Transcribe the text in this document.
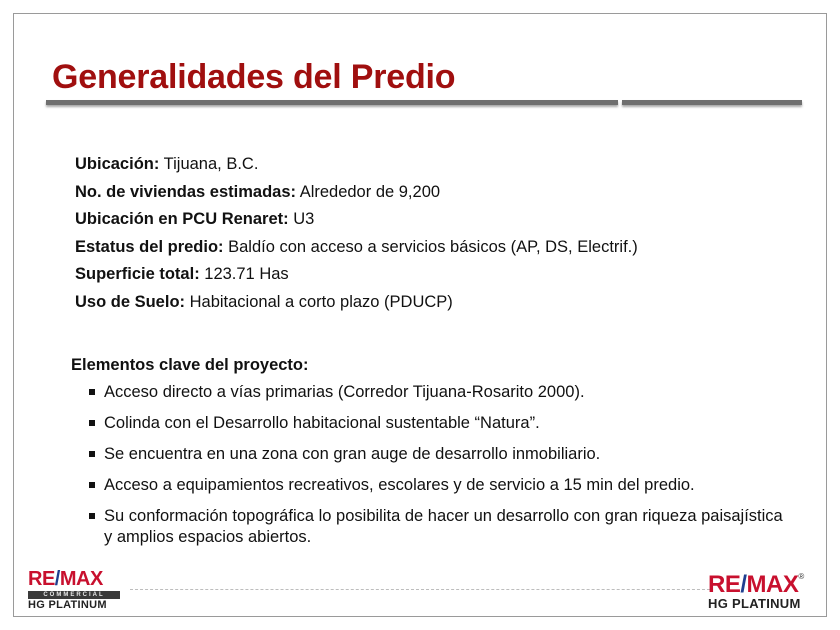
Generalidades del Predio
Ubicación: Tijuana, B.C.
No. de viviendas estimadas: Alrededor de 9,200
Ubicación en PCU Renaret: U3
Estatus del predio: Baldío con acceso a servicios básicos (AP, DS, Electrif.)
Superficie total: 123.71 Has
Uso de Suelo: Habitacional a corto plazo (PDUCP)
Elementos clave del proyecto:
Acceso directo a vías primarias (Corredor Tijuana-Rosarito 2000).
Colinda con el Desarrollo habitacional sustentable “Natura”.
Se encuentra en una zona con gran auge de desarrollo inmobiliario.
Acceso a equipamientos recreativos, escolares y de servicio a 15 min del predio.
Su conformación topográfica lo posibilita de hacer un desarrollo con gran riqueza paisajística y amplios espacios abiertos.
RE/MAX
COMMERCIAL
HG PLATINUM
RE/MAX®
HG PLATINUM
